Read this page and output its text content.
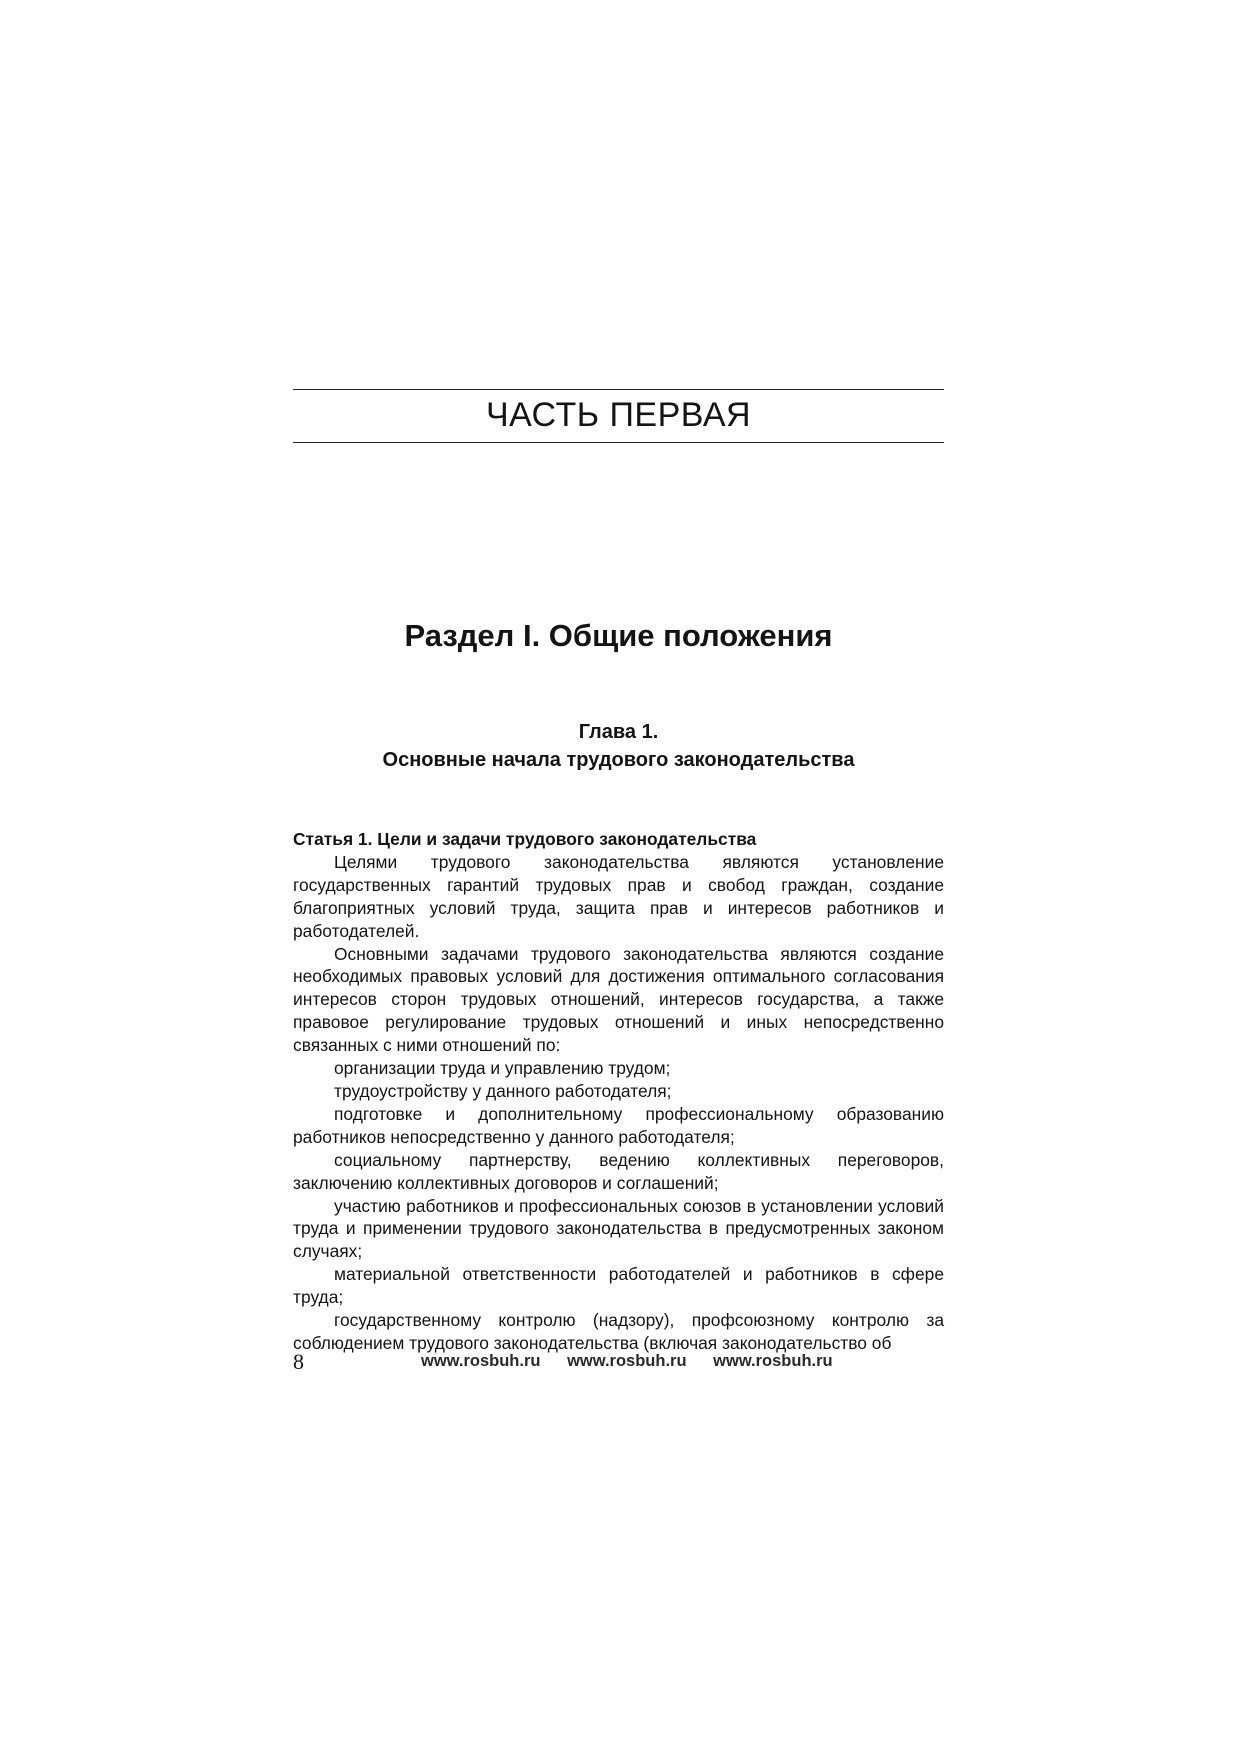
ЧАСТЬ ПЕРВАЯ
Раздел I. Общие положения
Глава 1.
Основные начала трудового законодательства

Статья 1. Цели и задачи трудового законодательства

Целями трудового законодательства являются установление государственных гарантий трудовых прав и свобод граждан, создание благоприятных условий труда, защита прав и интересов работников и работодателей.

Основными задачами трудового законодательства являются создание необходимых правовых условий для достижения оптимального согласования интересов сторон трудовых отношений, интересов государства, а также правовое регулирование трудовых отношений и иных непосредственно связанных с ними отношений по:

организации труда и управлению трудом;

трудоустройству у данного работодателя;

подготовке и дополнительному профессиональному образованию работников непосредственно у данного работодателя;

социальному партнерству, ведению коллективных переговоров, заключению коллективных договоров и соглашений;

участию работников и профессиональных союзов в установлении условий труда и применении трудового законодательства в предусмотренных законом случаях;

материальной ответственности работодателей и работников в сфере труда;

государственному контролю (надзору), профсоюзному контролю за соблюдением трудового законодательства (включая законодательство об

8	www.rosbuh.ru www.rosbuh.ru www.rosbuh.ru
